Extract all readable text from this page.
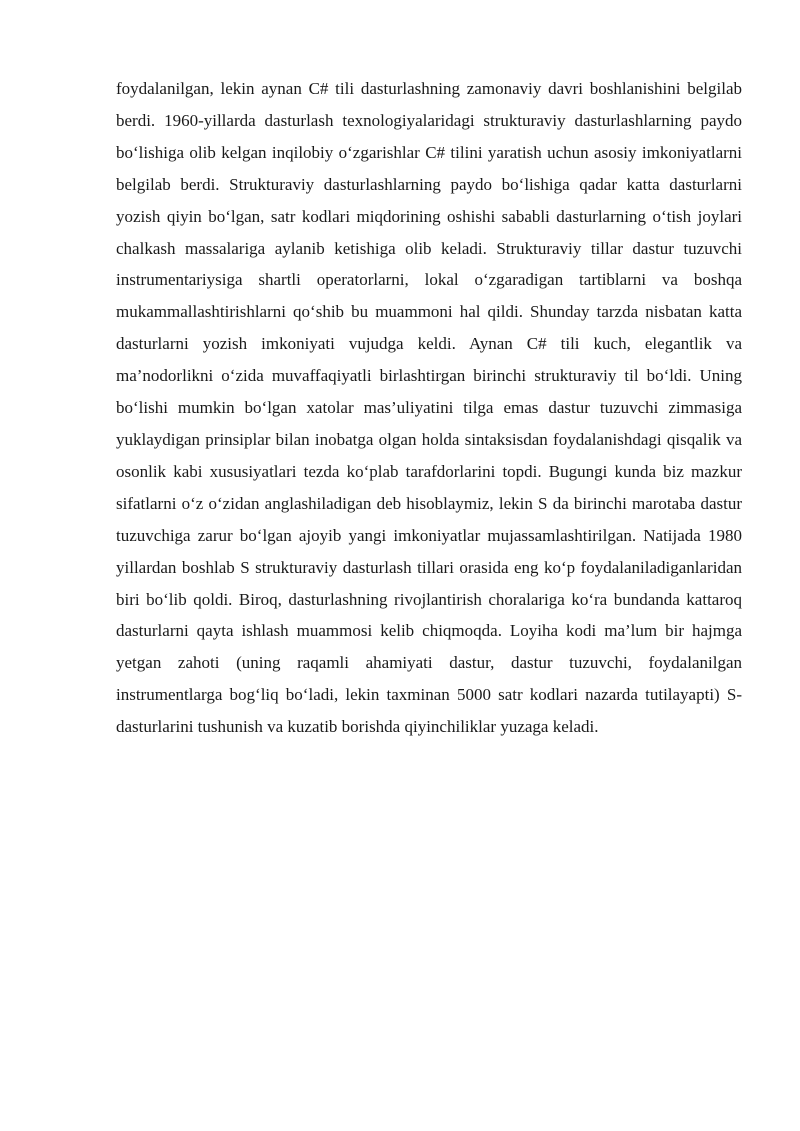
foydalanilgan, lekin aynan C# tili dasturlashning zamonaviy davri boshlanishini belgilab berdi. 1960-yillarda dasturlash texnologiyalaridagi strukturaviy dasturlashlarning paydo bo‘lishiga olib kelgan inqilobiy o‘zgarishlar C# tilini yaratish uchun asosiy imkoniyatlarni belgilab berdi. Strukturaviy dasturlashlarning paydo bo‘lishiga qadar katta dasturlarni yozish qiyin bo‘lgan, satr kodlari miqdorining oshishi sababli dasturlarning o‘tish joylari chalkash massalariga aylanib ketishiga olib keladi. Strukturaviy tillar dastur tuzuvchi instrumentariysiga shartli operatorlarni, lokal o‘zgaradigan tartiblarni va boshqa mukammallashtirishlarni qo‘shib bu muammoni hal qildi. Shunday tarzda nisbatan katta dasturlarni yozish imkoniyati vujudga keldi. Aynan C# tili kuch, elegantlik va ma’nodorlikni o‘zida muvaffaqiyatli birlashtirgan birinchi strukturaviy til bo‘ldi. Uning bo‘lishi mumkin bo‘lgan xatolar mas’uliyatini tilga emas dastur tuzuvchi zimmasiga yuklaydigan prinsiplar bilan inobatga olgan holda sintaksisdan foydalanishdagi qisqalik va osonlik kabi xususiyatlari tezda ko‘plab tarafdorlarini topdi. Bugungi kunda biz mazkur sifatlarni o‘z o‘zidan anglashiladigan deb hisoblaymiz, lekin S da birinchi marotaba dastur tuzuvchiga zarur bo‘lgan ajoyib yangi imkoniyatlar mujassamlashtirilgan. Natijada 1980 yillardan boshlab S strukturaviy dasturlash tillari orasida eng ko‘p foydalaniladiganlaridan biri bo‘lib qoldi. Biroq, dasturlashning rivojlantirish choralariga ko‘ra bundanda kattaroq dasturlarni qayta ishlash muammosi kelib chiqmoqda. Loyiha kodi ma’lum bir hajmga yetgan zahoti (uning raqamli ahamiyati dastur, dastur tuzuvchi, foydalanilgan instrumentlarga bog‘liq bo‘ladi, lekin taxminan 5000 satr kodlari nazarda tutilayapti) S-dasturlarini tushunish va kuzatib borishda qiyinchiliklar yuzaga keladi.
